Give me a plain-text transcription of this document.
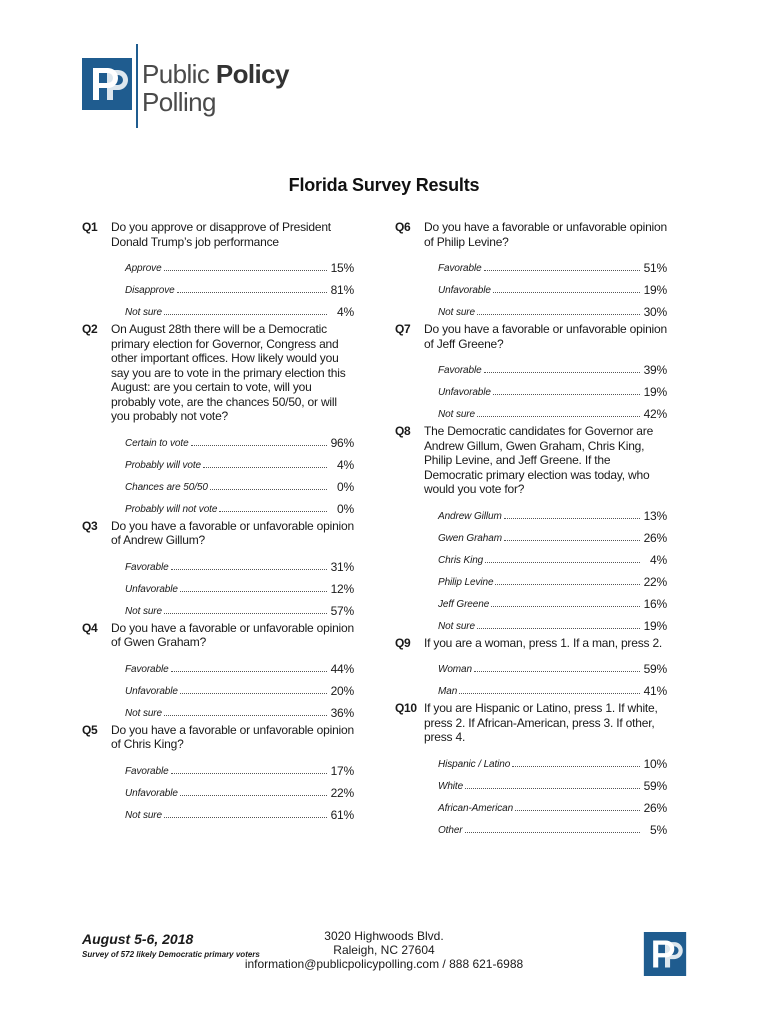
Public Policy
Polling
Florida Survey Results
Q1 Do you approve or disapprove of President Donald Trump’s job performance
Approve	15%
Disapprove	81%
Not sure	4%
Q2 On August 28th there will be a Democratic primary election for Governor, Congress and other important offices. How likely would you say you are to vote in the primary election this August: are you certain to vote, will you probably vote, are the chances 50/50, or will you probably not vote?
Certain to vote	96%
Probably will vote	4%
Chances are 50/50	0%
Probably will not vote	0%
Q3 Do you have a favorable or unfavorable opinion of Andrew Gillum?
Favorable	31%
Unfavorable	12%
Not sure	57%
Q4 Do you have a favorable or unfavorable opinion of Gwen Graham?
Favorable	44%
Unfavorable	20%
Not sure	36%
Q5 Do you have a favorable or unfavorable opinion of Chris King?
Favorable	17%
Unfavorable	22%
Not sure	61%
Q6 Do you have a favorable or unfavorable opinion of Philip Levine?
Favorable	51%
Unfavorable	19%
Not sure	30%
Q7 Do you have a favorable or unfavorable opinion of Jeff Greene?
Favorable	39%
Unfavorable	19%
Not sure	42%
Q8 The Democratic candidates for Governor are Andrew Gillum, Gwen Graham, Chris King, Philip Levine, and Jeff Greene. If the Democratic primary election was today, who would you vote for?
Andrew Gillum	13%
Gwen Graham	26%
Chris King	4%
Philip Levine	22%
Jeff Greene	16%
Not sure	19%
Q9 If you are a woman, press 1. If a man, press 2.
Woman	59%
Man	41%
Q10 If you are Hispanic or Latino, press 1. If white, press 2. If African-American, press 3. If other, press 4.
Hispanic / Latino	10%
White	59%
African-American	26%
Other	5%
August 5-6, 2018
Survey of 572 likely Democratic primary voters
3020 Highwoods Blvd.
Raleigh, NC 27604
information@publicpolicypolling.com / 888 621-6988
